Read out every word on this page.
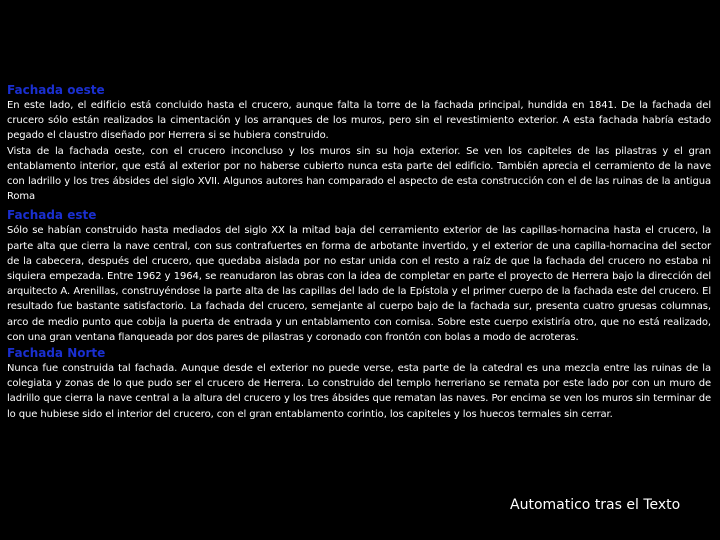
Fachada oeste

En este lado, el edificio está concluido hasta el crucero, aunque falta la torre de la fachada principal, hundida en 1841. De la fachada del crucero sólo están realizados la cimentación y los arranques de los muros, pero sin el revestimiento exterior. A esta fachada habría estado pegado el claustro diseñado por Herrera si se hubiera construido.

Vista de la fachada oeste, con el crucero inconcluso y los muros sin su hoja exterior. Se ven los capiteles de las pilastras y el gran entablamento interior, que está al exterior por no haberse cubierto nunca esta parte del edificio. También aprecia el cerramiento de la nave con ladrillo y los tres ábsides del siglo XVII. Algunos autores han comparado el aspecto de esta construcción con el de las ruinas de la antigua Roma

Fachada este

Sólo se habían construido hasta mediados del siglo XX la mitad baja del cerramiento exterior de las capillas-hornacina hasta el crucero, la parte alta que cierra la nave central, con sus contrafuertes en forma de arbotante invertido, y el exterior de una capilla-hornacina del sector de la cabecera, después del crucero, que quedaba aislada por no estar unida con el resto a raíz de que la fachada del crucero no estaba ni siquiera empezada. Entre 1962 y 1964, se reanudaron las obras con la idea de completar en parte el proyecto de Herrera bajo la dirección del arquitecto A. Arenillas, construyéndose la parte alta de las capillas del lado de la Epístola y el primer cuerpo de la fachada este del crucero. El resultado fue bastante satisfactorio. La fachada del crucero, semejante al cuerpo bajo de la fachada sur, presenta cuatro gruesas columnas, arco de medio punto que cobija la puerta de entrada y un entablamento con cornisa. Sobre este cuerpo existiría otro, que no está realizado, con una gran ventana flanqueada por dos pares de pilastras y coronado con frontón con bolas a modo de acroteras.

Fachada Norte

Nunca fue construida tal fachada. Aunque desde el exterior no puede verse, esta parte de la catedral es una mezcla entre las ruinas de la colegiata y zonas de lo que pudo ser el crucero de Herrera. Lo construido del templo herreriano se remata por este lado por con un muro de ladrillo que cierra la nave central a la altura del crucero y los tres ábsides que rematan las naves. Por encima se ven los muros sin terminar de lo que hubiese sido el interior del crucero, con el gran entablamento corintio, los capiteles y los huecos termales sin cerrar.

Automatico tras el Texto
